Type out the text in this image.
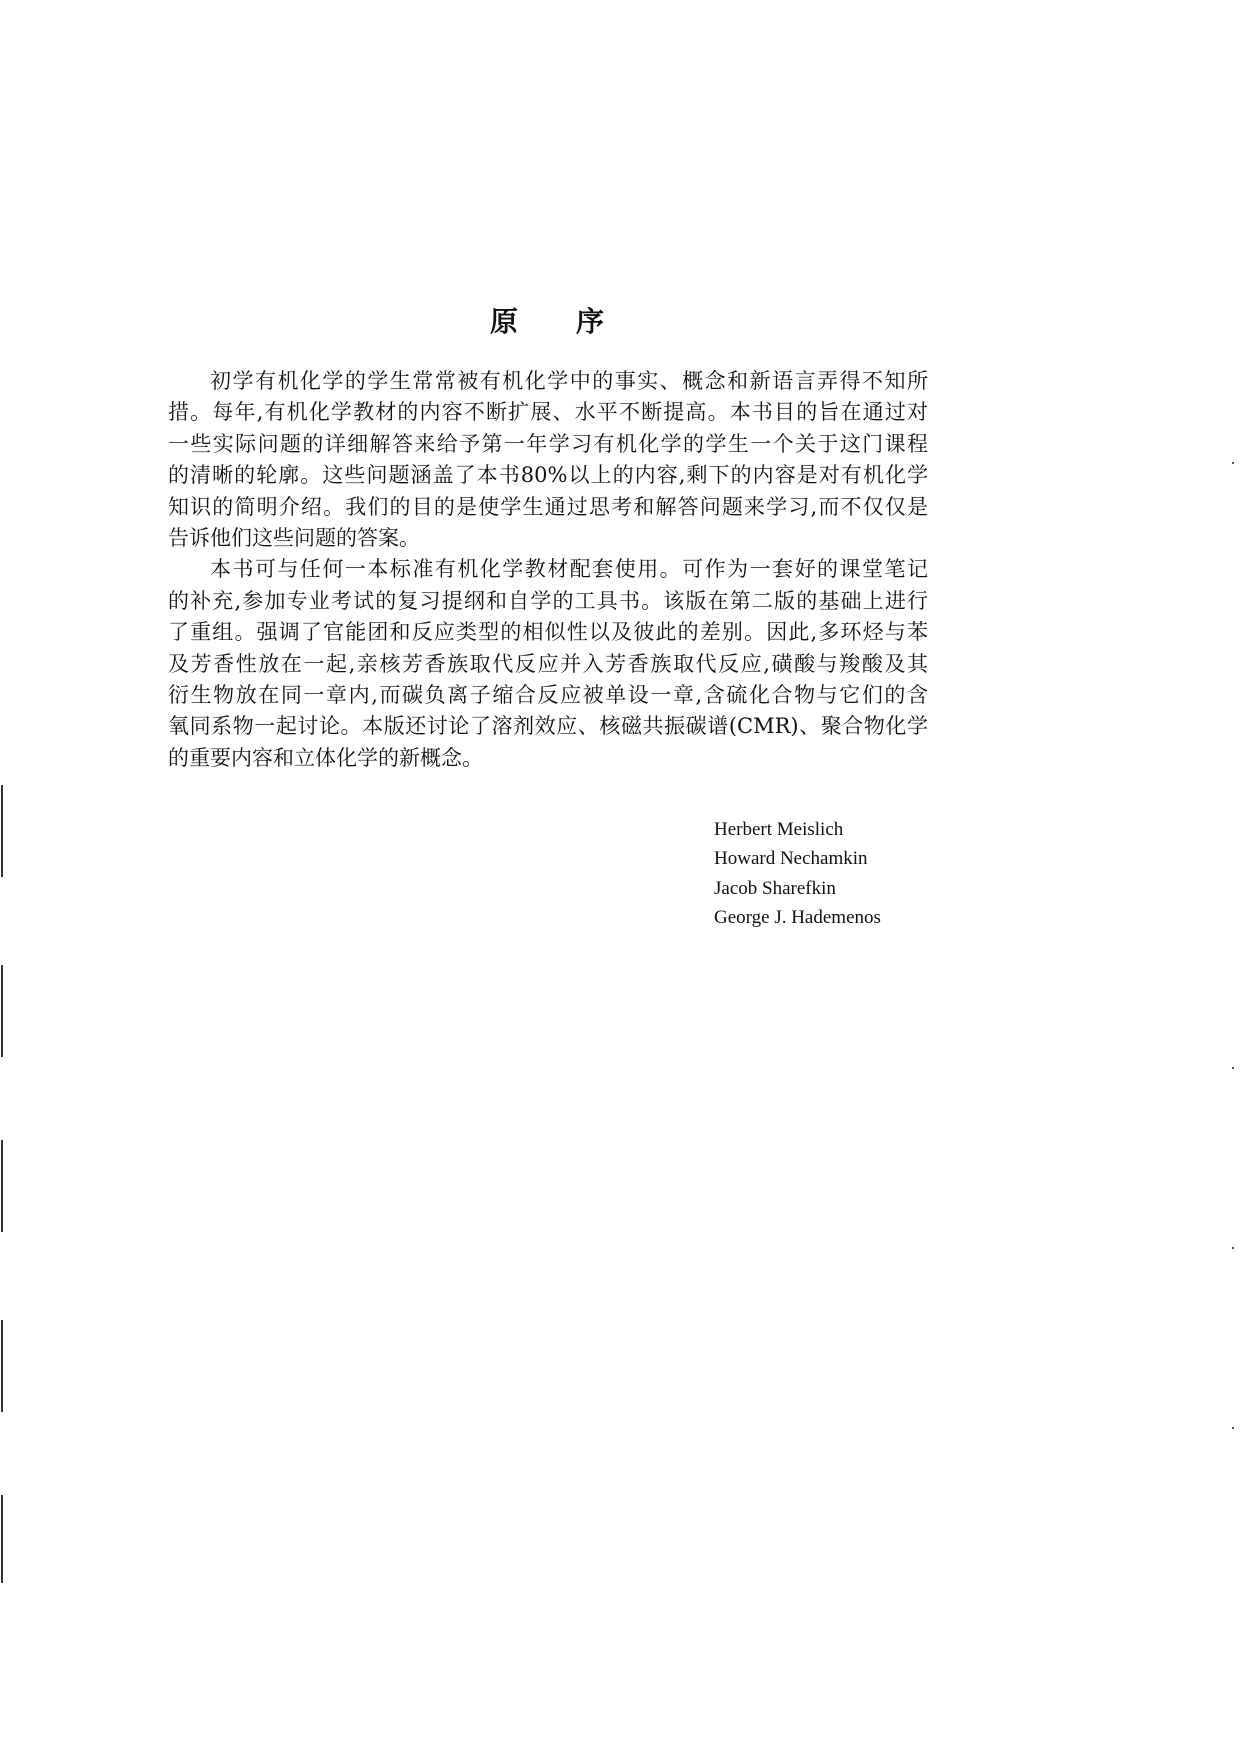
原 序
初学有机化学的学生常常被有机化学中的事实、概念和新语言弄得不知所
措。每年,有机化学教材的内容不断扩展、水平不断提高。本书目的旨在通过对
一些实际问题的详细解答来给予第一年学习有机化学的学生一个关于这门课程
的清晰的轮廓。这些问题涵盖了本书80%以上的内容,剩下的内容是对有机化学
知识的简明介绍。我们的目的是使学生通过思考和解答问题来学习,而不仅仅是
告诉他们这些问题的答案。
本书可与任何一本标准有机化学教材配套使用。可作为一套好的课堂笔记
的补充,参加专业考试的复习提纲和自学的工具书。该版在第二版的基础上进行
了重组。强调了官能团和反应类型的相似性以及彼此的差别。因此,多环烃与苯
及芳香性放在一起,亲核芳香族取代反应并入芳香族取代反应,磺酸与羧酸及其
衍生物放在同一章内,而碳负离子缩合反应被单设一章,含硫化合物与它们的含
氧同系物一起讨论。本版还讨论了溶剂效应、核磁共振碳谱(CMR)、聚合物化学
的重要内容和立体化学的新概念。
Herbert Meislich
Howard Nechamkin
Jacob Sharefkin
George J. Hademenos
